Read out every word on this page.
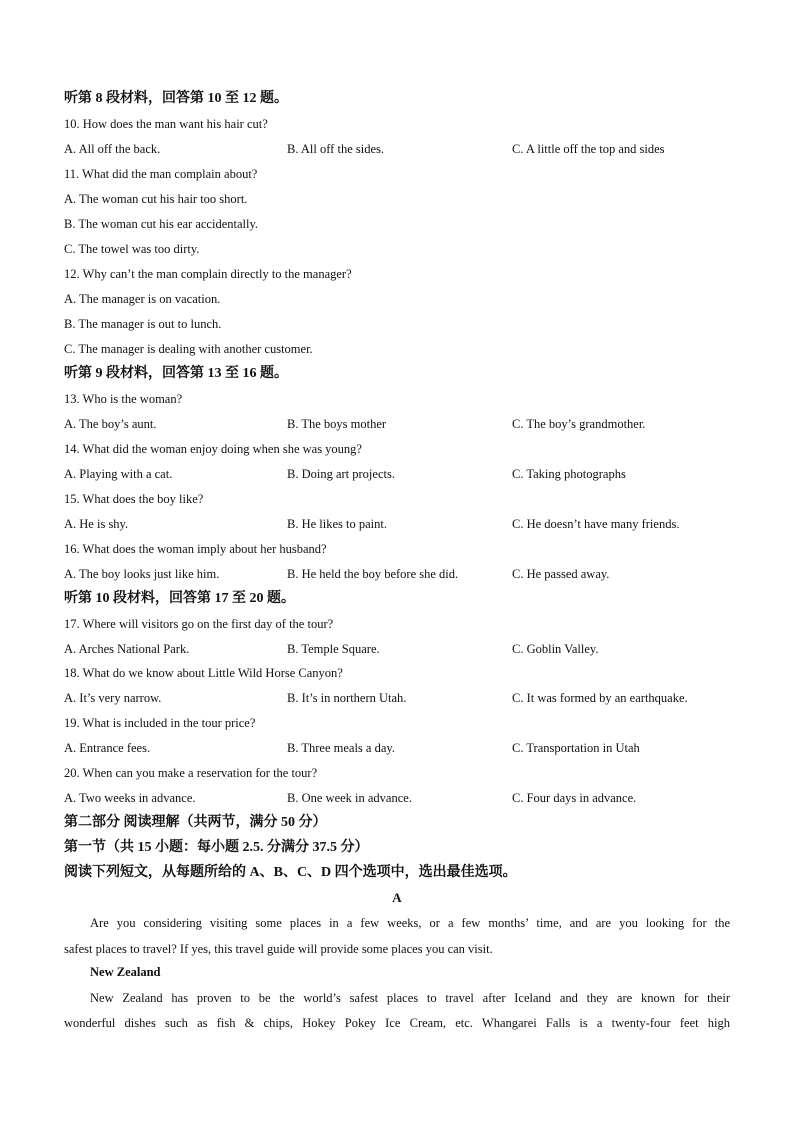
听第 8 段材料，回答第 10 至 12 题。
10. How does the man want his hair cut?
A. All off the back.	B. All off the sides.	C. A little off the top and sides
11. What did the man complain about?
A. The woman cut his hair too short.
B. The woman cut his ear accidentally.
C. The towel was too dirty.
12. Why can’t the man complain directly to the manager?
A. The manager is on vacation.
B. The manager is out to lunch.
C. The manager is dealing with another customer.
听第 9 段材料，回答第 13 至 16 题。
13. Who is the woman?
A. The boy’s aunt.	B. The boys mother	C. The boy’s grandmother.
14. What did the woman enjoy doing when she was young?
A. Playing with a cat.	B. Doing art projects.	C. Taking photographs
15. What does the boy like?
A. He is shy.	B. He likes to paint.	C. He doesn’t have many friends.
16. What does the woman imply about her husband?
A. The boy looks just like him.	B. He held the boy before she did.	C. He passed away.
听第 10 段材料，回答第 17 至 20 题。
17. Where will visitors go on the first day of the tour?
A. Arches National Park.	B. Temple Square.	C. Goblin Valley.
18. What do we know about Little Wild Horse Canyon?
A. It’s very narrow.	B. It’s in northern Utah.	C. It was formed by an earthquake.
19. What is included in the tour price?
A. Entrance fees.	B. Three meals a day.	C. Transportation in Utah
20. When can you make a reservation for the tour?
A. Two weeks in advance.	B. One week in advance.	C. Four days in advance.
第二部分 阅读理解（共两节，满分 50 分）
第一节（共 15 小题：每小题 2.5. 分满分 37.5 分）
阅读下列短文，从每题所给的 A、B、C、D 四个选项中，选出最佳选项。
A
Are you considering visiting some places in a few weeks, or a few months’ time, and are you looking for the
safest places to travel? If yes, this travel guide will provide some places you can visit.
New Zealand
New Zealand has proven to be the world’s safest places to travel after Iceland and they are known for their
wonderful dishes such as fish & chips, Hokey Pokey Ice Cream, etc. Whangarei Falls is a twenty-four feet high
